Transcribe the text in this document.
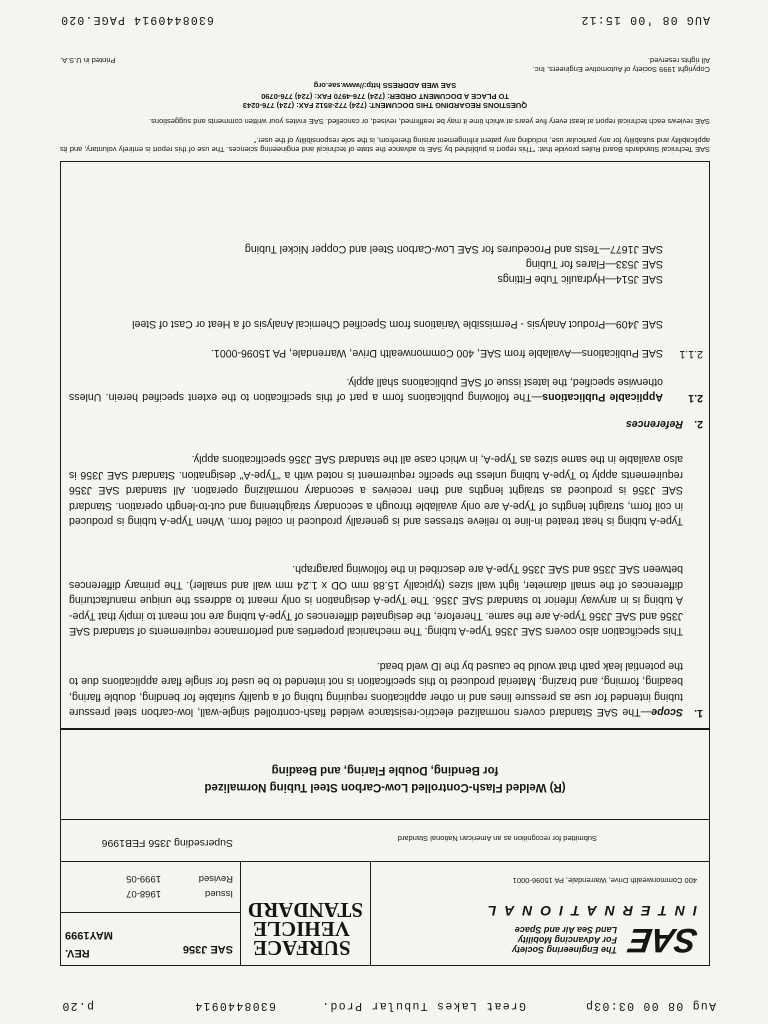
Aug 08 00 03:03p
Great Lakes Tubular Prod.
6308440914
p.20
SAE
The Engineering Society
For Advancing Mobility
Land Sea Air and Space
INTERNATIONAL
400 Commonwealth Drive, Warrendale, PA 15096-0001
SURFACE
VEHICLE
STANDARD
SAE J356
REV.
MAY1999
Issued
1968-07
Revised
1999-05
Submitted for recognition as an American National Standard
Superseding J356 FEB1996
(R) Welded Flash-Controlled Low-Carbon Steel Tubing Normalized
for Bending, Double Flaring, and Beading
1.
Scope—The SAE Standard covers normalized electric-resistance welded flash-controlled single-wall, low-carbon steel pressure tubing intended for use as pressure lines and in other applications requiring tubing of a quality suitable for bending, double flaring, beading, forming, and brazing. Material produced to this specification is not intended to be used for single flare applications due to the potential leak path that would be caused by the ID weld bead.
This specification also covers SAE J356 Type-A tubing. The mechanical properties and performance requirements of standard SAE J356 and SAE J356 Type-A are the same. Therefore, the designated differences of Type-A tubing are not meant to imply that Type-A tubing is in anyway inferior to standard SAE J356. The Type-A designation is only meant to address the unique manufacturing differences of the small diameter, light wall sizes (typically 15.88 mm OD x 1.24 mm wall and smaller). The primary differences between SAE J356 and SAE J356 Type-A are described in the following paragraph.
Type-A tubing is heat treated in-line to relieve stresses and is generally produced in coiled form. When Type-A tubing is produced in coil form, straight lengths of Type-A are only available through a secondary straightening and cut-to-length operation. Standard SAE J356 is produced as straight lengths and then receives a secondary normalizing operation. All standard SAE J356 requirements apply to Type-A tubing unless the specific requirement is noted with a "Type-A" designation. Standard SAE J356 is also available in the same sizes as Type-A, in which case all the standard SAE J356 specifications apply.
2.
References
2.1
Applicable Publications—The following publications form a part of this specification to the extent specified herein. Unless otherwise specified, the latest issue of SAE publications shall apply.
2.1.1
SAE Publications—Available from SAE, 400 Commonwealth Drive, Warrendale, PA 15096-0001.
SAE J409—Product Analysis - Permissible Variations from Specified Chemical Analysis of a Heat or Cast of Steel
SAE J514—Hydraulic Tube Fittings
SAE J533—Flares for Tubing
SAE J1677—Tests and Procedures for SAE Low-Carbon Steel and Copper Nickel Tubing
SAE Technical Standards Board Rules provide that: "This report is published by SAE to advance the state of technical and engineering sciences. The use of this report is entirely voluntary, and its applicability and suitability for any particular use, including any patent infringement arising therefrom, is the sole responsibility of the user."
SAE reviews each technical report at least every five years at which time it may be reaffirmed, revised, or cancelled. SAE invites your written comments and suggestions.
QUESTIONS REGARDING THIS DOCUMENT: (724) 772-8512 FAX: (724) 776-0243
TO PLACE A DOCUMENT ORDER: (724) 776-4970 FAX: (724) 776-0790
SAE WEB ADDRESS http://www.sae.org
Copyright 1999 Society of Automotive Engineers, Inc.
All rights reserved.
Printed in U.S.A.
AUG 08 '00 15:12
6308440914 PAGE.020
